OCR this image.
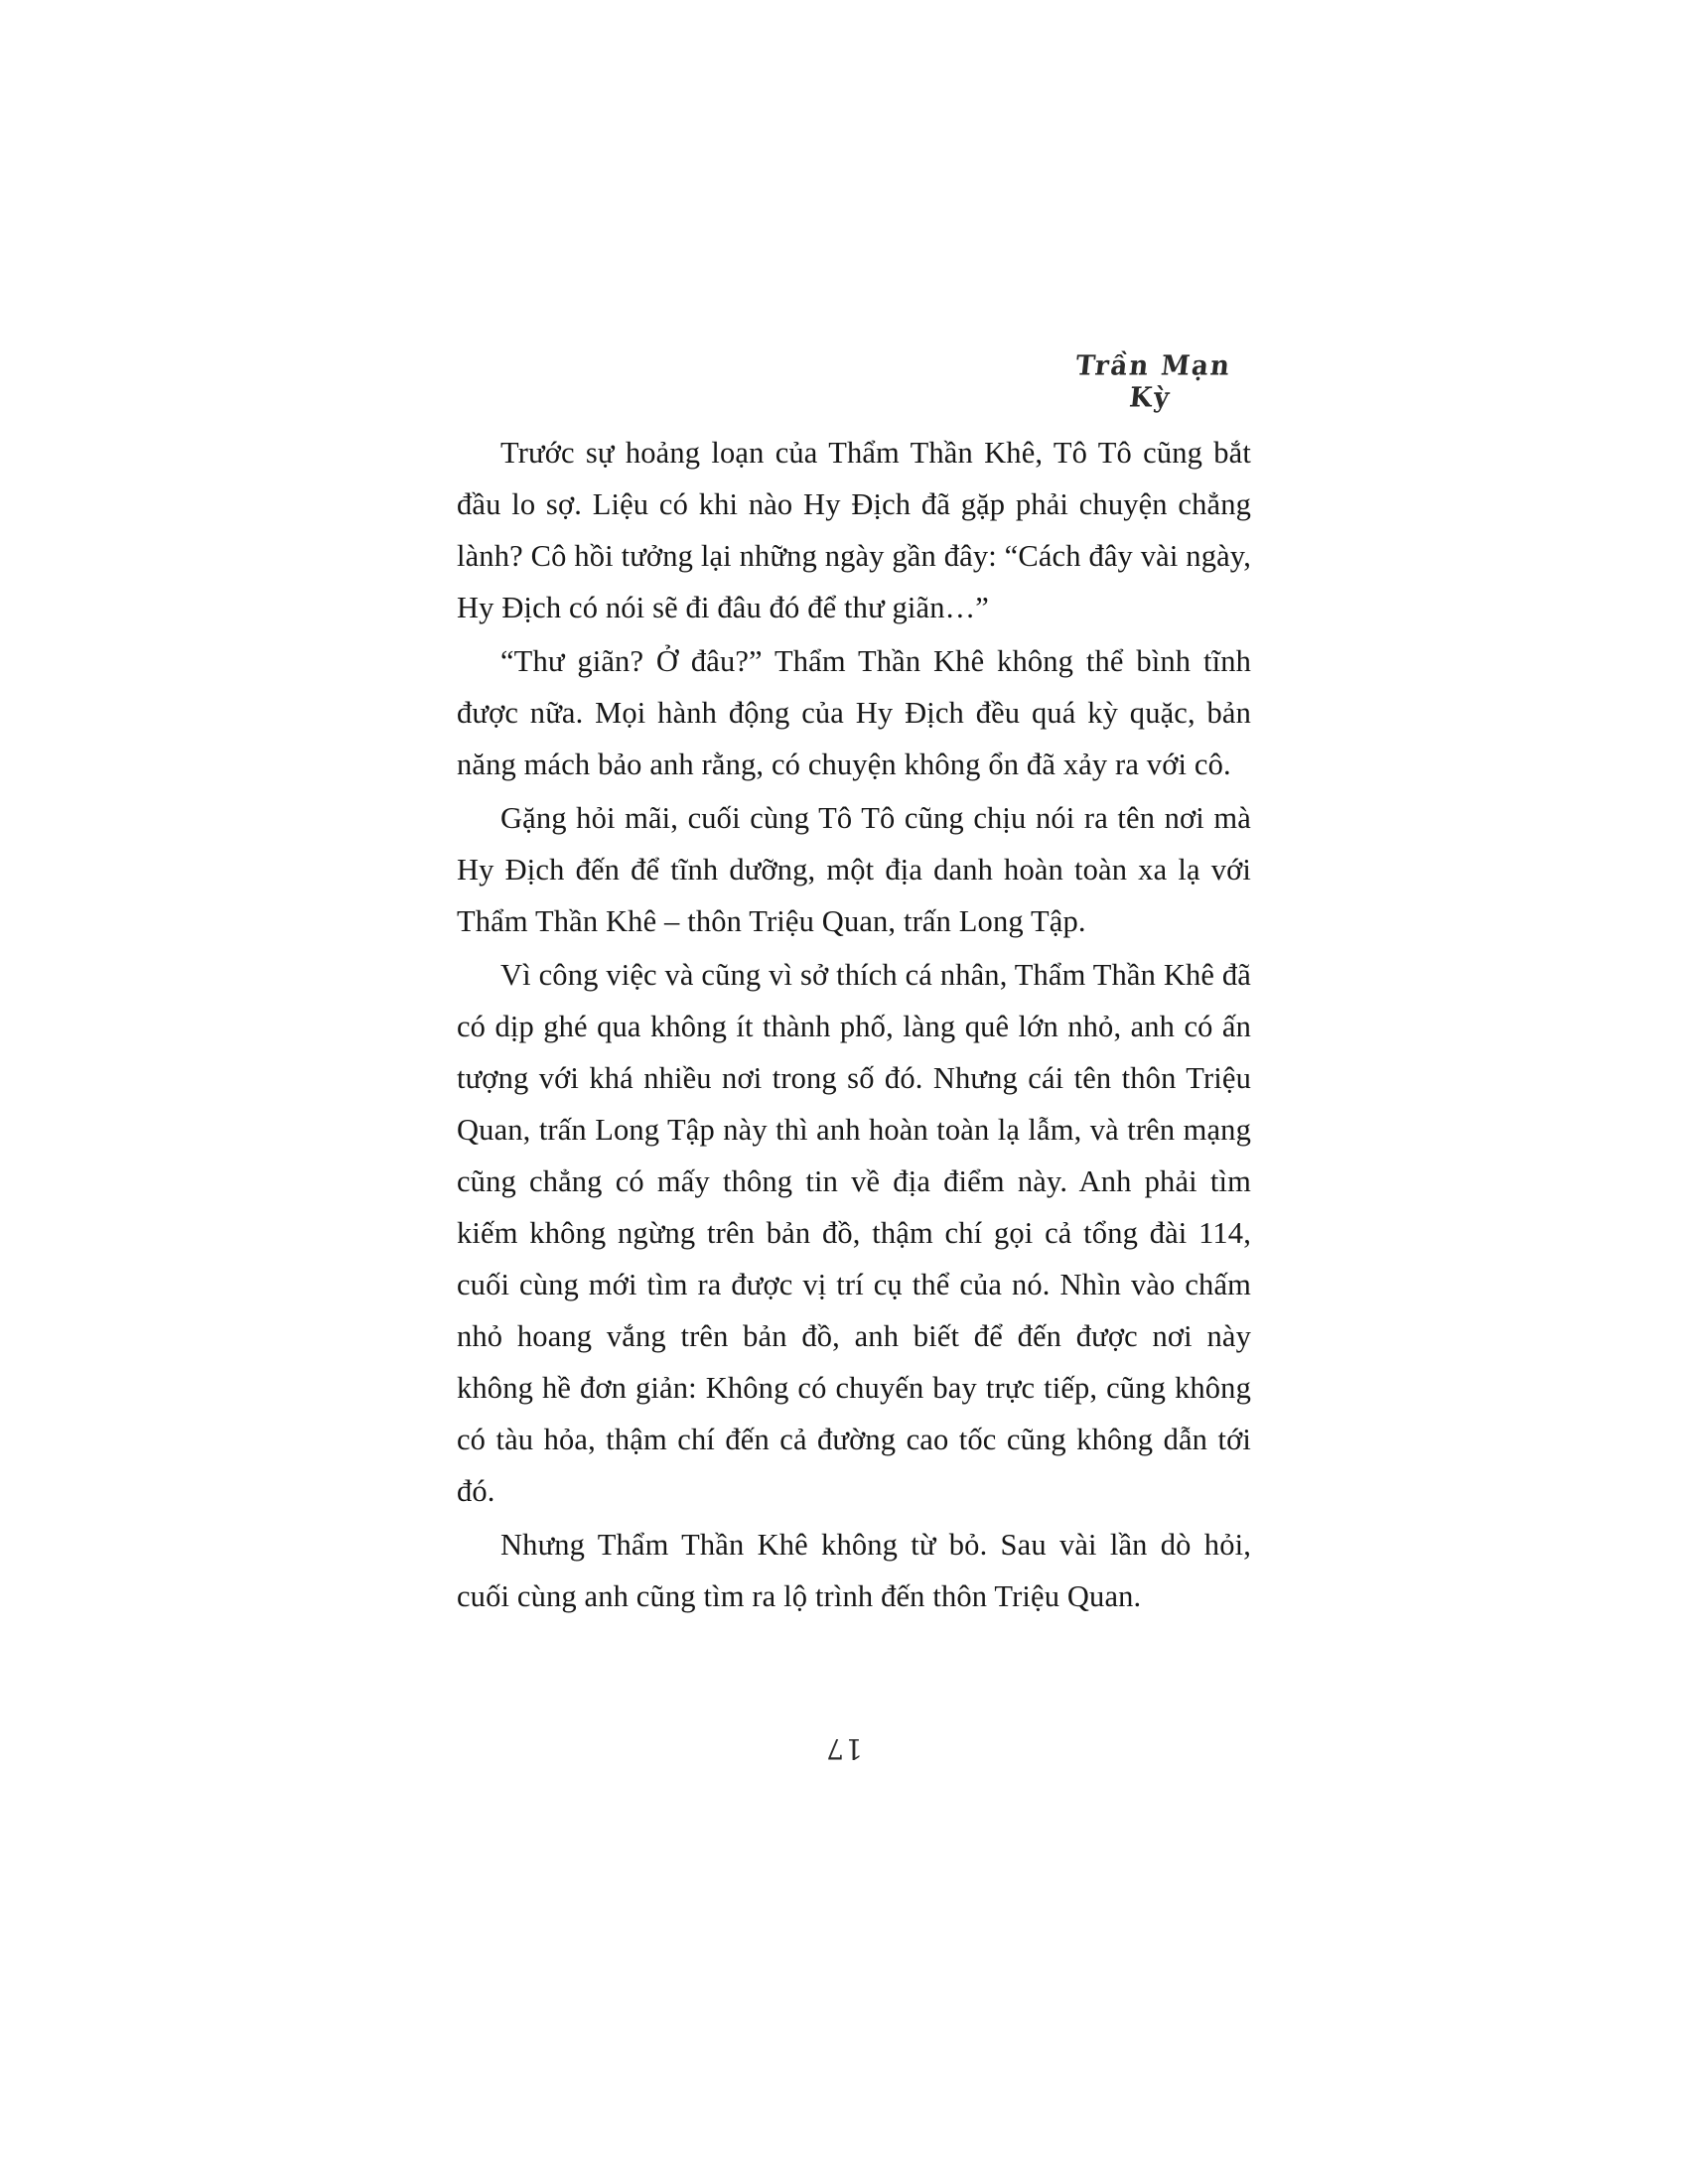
Trần Mạn Kỳ

Trước sự hoảng loạn của Thẩm Thần Khê, Tô Tô cũng bắt đầu lo sợ. Liệu có khi nào Hy Địch đã gặp phải chuyện chẳng lành? Cô hồi tưởng lại những ngày gần đây: “Cách đây vài ngày, Hy Địch có nói sẽ đi đâu đó để thư giãn…”

“Thư giãn? Ở đâu?” Thẩm Thần Khê không thể bình tĩnh được nữa. Mọi hành động của Hy Địch đều quá kỳ quặc, bản năng mách bảo anh rằng, có chuyện không ổn đã xảy ra với cô.

Gặng hỏi mãi, cuối cùng Tô Tô cũng chịu nói ra tên nơi mà Hy Địch đến để tĩnh dưỡng, một địa danh hoàn toàn xa lạ với Thẩm Thần Khê – thôn Triệu Quan, trấn Long Tập.

Vì công việc và cũng vì sở thích cá nhân, Thẩm Thần Khê đã có dịp ghé qua không ít thành phố, làng quê lớn nhỏ, anh có ấn tượng với khá nhiều nơi trong số đó. Nhưng cái tên thôn Triệu Quan, trấn Long Tập này thì anh hoàn toàn lạ lẫm, và trên mạng cũng chẳng có mấy thông tin về địa điểm này. Anh phải tìm kiếm không ngừng trên bản đồ, thậm chí gọi cả tổng đài 114, cuối cùng mới tìm ra được vị trí cụ thể của nó. Nhìn vào chấm nhỏ hoang vắng trên bản đồ, anh biết để đến được nơi này không hề đơn giản: Không có chuyến bay trực tiếp, cũng không có tàu hỏa, thậm chí đến cả đường cao tốc cũng không dẫn tới đó.

Nhưng Thẩm Thần Khê không từ bỏ. Sau vài lần dò hỏi, cuối cùng anh cũng tìm ra lộ trình đến thôn Triệu Quan.

17
